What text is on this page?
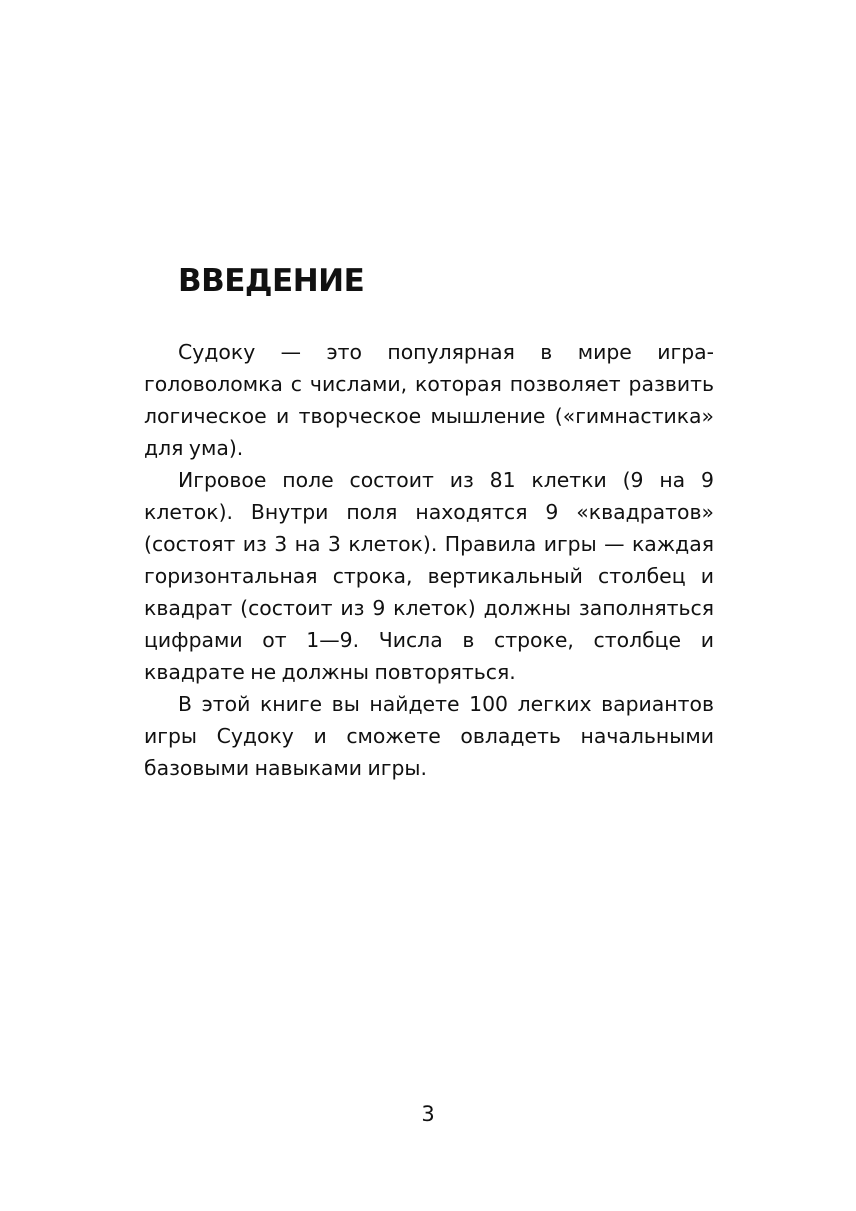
ВВЕДЕНИЕ

Судоку — это популярная в мире игра-головоломка с числами, которая позволяет развить логическое и творческое мышление («гимнастика» для ума).

Игровое поле состоит из 81 клетки (9 на 9 клеток). Внутри поля находятся 9 «квадратов» (состоят из 3 на 3 клеток). Правила игры — каждая горизонтальная строка, вертикальный столбец и квадрат (состоит из 9 клеток) должны заполняться цифрами от 1—9. Числа в строке, столбце и квадрате не должны повторяться.

В этой книге вы найдете 100 легких вариантов игры Судоку и сможете овладеть начальными базовыми навыками игры.

3
